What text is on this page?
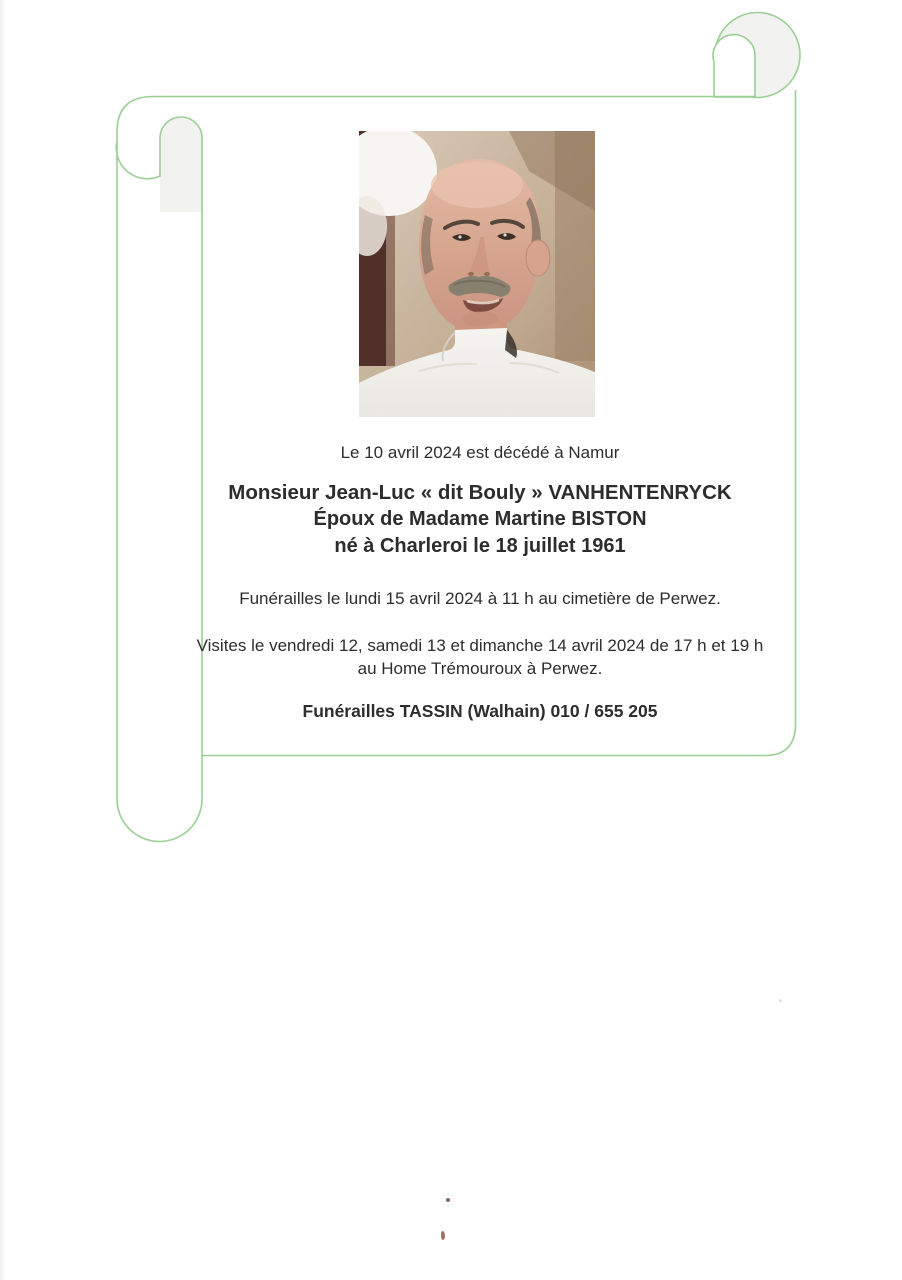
Le 10 avril 2024 est décédé à Namur

Monsieur Jean-Luc « dit Bouly » VANHENTENRYCK

Époux de Madame Martine BISTON

né à Charleroi le 18 juillet 1961

Funérailles le lundi 15 avril 2024 à 11 h au cimetière de Perwez.

Visites le vendredi 12, samedi 13 et dimanche 14 avril 2024 de 17 h et 19 h

au Home Trémouroux à Perwez.

Funérailles TASSIN (Walhain) 010 / 655 205
